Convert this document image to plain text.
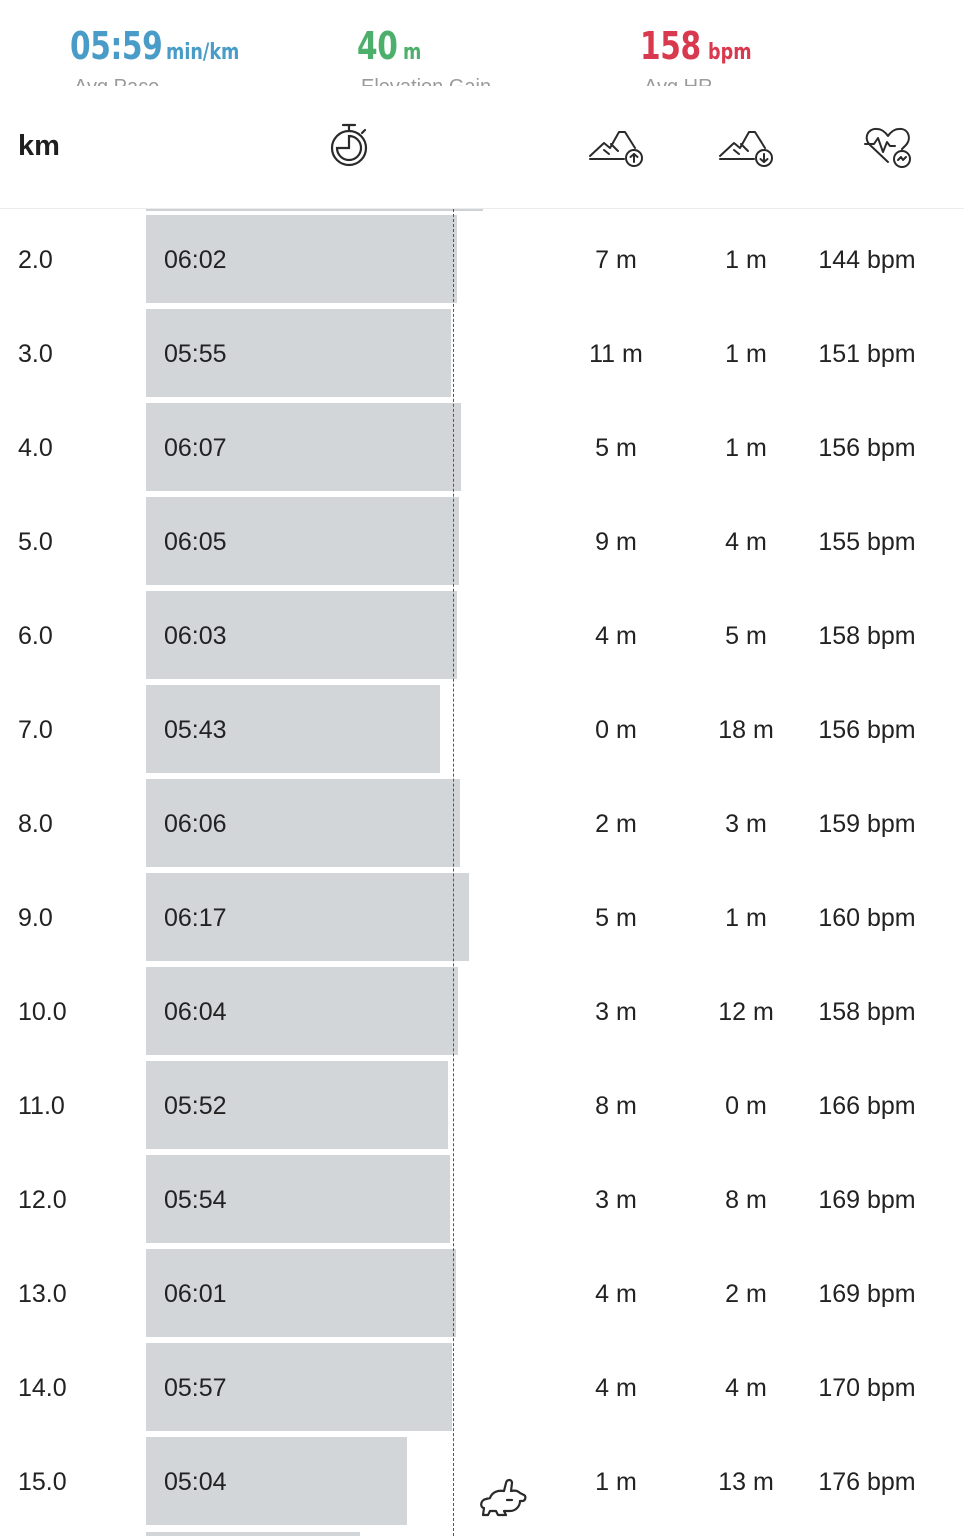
05:59 min/km	40 m	158 bpm
km
2.0	06:02	7 m	1 m	144 bpm
3.0	05:55	11 m	1 m	151 bpm
4.0	06:07	5 m	1 m	156 bpm
5.0	06:05	9 m	4 m	155 bpm
6.0	06:03	4 m	5 m	158 bpm
7.0	05:43	0 m	18 m	156 bpm
8.0	06:06	2 m	3 m	159 bpm
9.0	06:17	5 m	1 m	160 bpm
10.0	06:04	3 m	12 m	158 bpm
11.0	05:52	8 m	0 m	166 bpm
12.0	05:54	3 m	8 m	169 bpm
13.0	06:01	4 m	2 m	169 bpm
14.0	05:57	4 m	4 m	170 bpm
15.0	05:04	1 m	13 m	176 bpm
